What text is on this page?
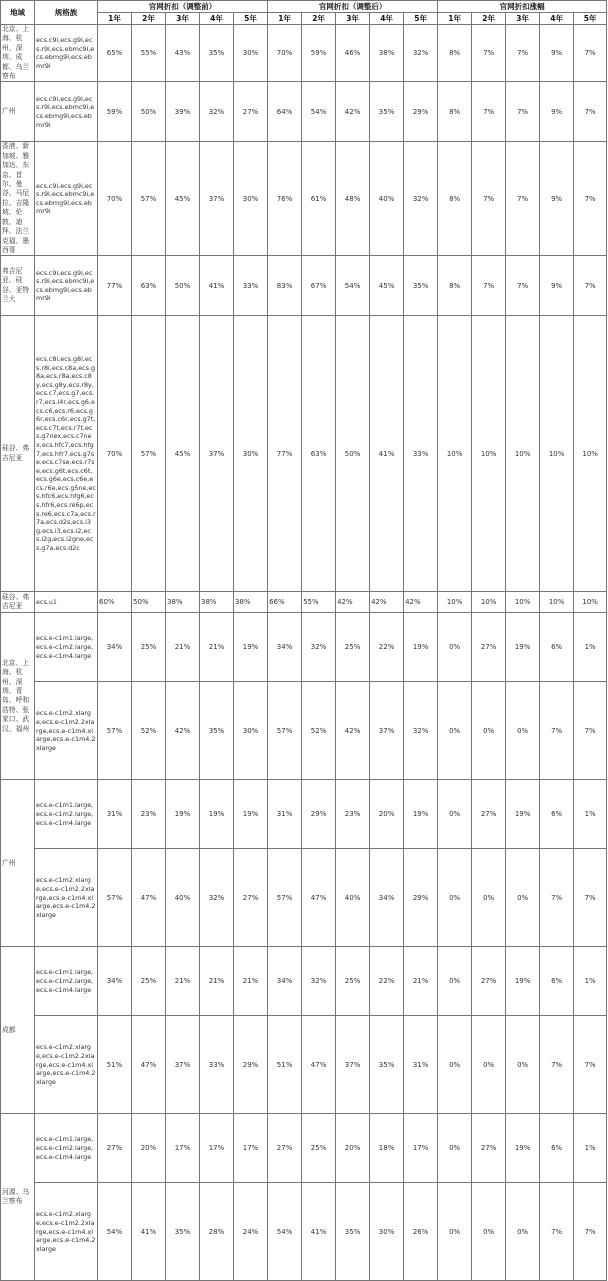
地域	规格族	官网折扣（调整前）					官网折扣（调整后）					官网折扣涨幅				
		1年	2年	3年	4年	5年	1年	2年	3年	4年	5年	1年	2年	3年	4年	5年
北京、上海、杭州、深圳、成都、乌兰察布	ecs.c9i,ecs.g9i,ecs.r9i,ecs.ebmc9i,ecs.ebmg9i,ecs.ebmr9i	65%	55%	43%	35%	30%	70%	59%	46%	38%	32%	8%	7%	7%	9%	7%
广州	ecs.c9i,ecs.g9i,ecs.r9i,ecs.ebmc9i,ecs.ebmg9i,ecs.ebmr9i	59%	50%	39%	32%	27%	64%	54%	42%	35%	29%	8%	7%	7%	9%	7%
香港、新加坡、雅加达、东京、首尔、曼谷、马尼拉、吉隆坡、伦敦、迪拜、法兰克福、墨西哥	ecs.c9i,ecs.g9i,ecs.r9i,ecs.ebmc9i,ecs.ebmg9i,ecs.ebmr9i	70%	57%	45%	37%	30%	76%	61%	48%	40%	32%	8%	7%	7%	9%	7%
弗吉尼亚、硅谷、亚特兰大	ecs.c9i,ecs.g9i,ecs.r9i,ecs.ebmc9i,ecs.ebmg9i,ecs.ebmr9i	77%	63%	50%	41%	33%	83%	67%	54%	45%	35%	8%	7%	7%	9%	7%
硅谷、弗吉尼亚	ecs.c8i,ecs.g8i,ecs.r8i,ecs.c8a,ecs.g8a,ecs.r8a,ecs.c8y,ecs.g8y,ecs.r8y,ecs.c7,ecs.g7,ecs.r7,ecs.i4r,ecs.g6,ecs.c6,ecs.r6,ecs.g6r,ecs.c6r,ecs.g7t,ecs.c7t,ecs.r7t,ecs.g7nex,ecs.c7nex,ecs.hfc7,ecs.hfg7,ecs.hfr7,ecs.g7se,ecs.c7se,ecs.r7se,ecs.g6t,ecs.c6t,ecs.g6e,ecs.c6e,ecs.r6e,ecs.g5ne,ecs.hfc6,ecs.hfg6,ecs.hfr6,ecs.re6p,ecs.re6,ecs.c7a,ecs.r7a,ecs.d2s,ecs.i3g,ecs.i3,ecs.i2,ecs.i2g,ecs.i2gne,ecs.g7a,ecs.d2c	70%	57%	45%	37%	30%	77%	63%	50%	41%	33%	10%	10%	10%	10%	10%
硅谷、弗吉尼亚	ecs.u1	60%	50%	38%	38%	38%	66%	55%	42%	42%	42%	10%	10%	10%	10%	10%
北京、上海、杭州、深圳、青岛、呼和浩特、张家口、武汉、福州	ecs.e-c1m1.large,ecs.e-c1m2.large,ecs.e-c1m4.large	34%	25%	21%	21%	19%	34%	32%	25%	22%	19%	0%	27%	19%	6%	1%
	ecs.e-c1m2.xlarge,ecs.e-c1m2.2xlarge,ecs.e-c1m4.xlarge,ecs.e-c1m4.2xlarge	57%	52%	42%	35%	30%	57%	52%	42%	37%	32%	0%	0%	0%	7%	7%
广州	ecs.e-c1m1.large,ecs.e-c1m2.large,ecs.e-c1m4.large	31%	23%	19%	19%	19%	31%	29%	23%	20%	19%	0%	27%	19%	6%	1%
	ecs.e-c1m2.xlarge,ecs.e-c1m2.2xlarge,ecs.e-c1m4.xlarge,ecs.e-c1m4.2xlarge	57%	47%	40%	32%	27%	57%	47%	40%	34%	29%	0%	0%	0%	7%	7%
成都	ecs.e-c1m1.large,ecs.e-c1m2.large,ecs.e-c1m4.large	34%	25%	21%	21%	21%	34%	32%	25%	22%	21%	0%	27%	19%	6%	1%
	ecs.e-c1m2.xlarge,ecs.e-c1m2.2xlarge,ecs.e-c1m4.xlarge,ecs.e-c1m4.2xlarge	51%	47%	37%	33%	29%	51%	47%	37%	35%	31%	0%	0%	0%	7%	7%
河源、乌兰察布	ecs.e-c1m1.large,ecs.e-c1m2.large,ecs.e-c1m4.large	27%	20%	17%	17%	17%	27%	25%	20%	18%	17%	0%	27%	19%	6%	1%
	ecs.e-c1m2.xlarge,ecs.e-c1m2.2xlarge,ecs.e-c1m4.xlarge,ecs.e-c1m4.2xlarge	54%	41%	35%	28%	24%	54%	41%	35%	30%	26%	0%	0%	0%	7%	7%
